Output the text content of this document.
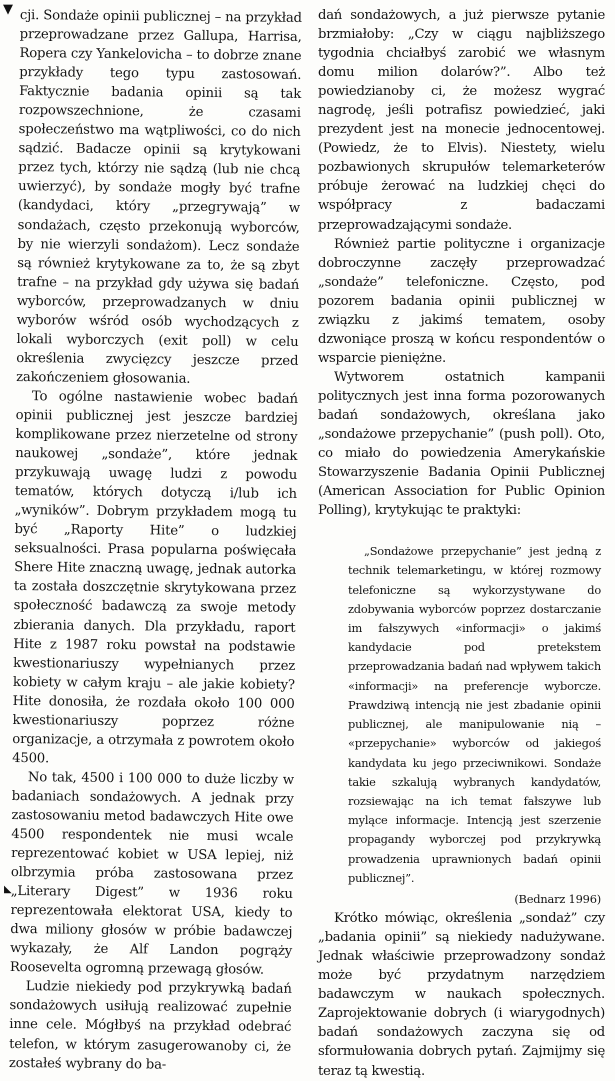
▼ cji. Sondaże opinii publicznej – na przykład przeprowadzane przez Gallupa, Harrisa, Ropera czy Yankelovicha – to dobrze znane przykłady tego typu zastosowań. Faktycznie badania opinii są tak rozpowszechnione, że czasami społeczeństwo ma wątpliwości, co do nich sądzić. Badacze opinii są krytykowani przez tych, którzy nie sądzą (lub nie chcą uwierzyć), by sondaże mogły być trafne (kandydaci, który „przegrywają” w sondażach, często przekonują wyborców, by nie wierzyli sondażom). Lecz sondaże są również krytykowane za to, że są zbyt trafne – na przykład gdy używa się badań wyborców, przeprowadzanych w dniu wyborów wśród osób wychodzących z lokali wyborczych (exit poll) w celu określenia zwycięzcy jeszcze przed zakończeniem głosowania.

To ogólne nastawienie wobec badań opinii publicznej jest jeszcze bardziej komplikowane przez nierzetelne od strony naukowej „sondaże”, które jednak przykuwają uwagę ludzi z powodu tematów, których dotyczą i/lub ich „wyników”. Dobrym przykładem mogą tu być „Raporty Hite” o ludzkiej seksualności. Prasa popularna poświęcała Shere Hite znaczną uwagę, jednak autorka ta została doszczętnie skrytykowana przez społeczność badawczą za swoje metody zbierania danych. Dla przykładu, raport Hite z 1987 roku powstał na podstawie kwestionariuszy wypełnianych przez kobiety w całym kraju – ale jakie kobiety? Hite donosiła, że rozdała około 100 000 kwestionariuszy poprzez różne organizacje, a otrzymała z powrotem około 4500.

No tak, 4500 i 100 000 to duże liczby w badaniach sondażowych. A jednak przy zastosowaniu metod badawczych Hite owe 4500 respondentek nie musi wcale reprezentować kobiet w USA lepiej, niż olbrzymia próba zastosowana przez „Literary Digest” w 1936 roku reprezentowała elektorat USA, kiedy to dwa miliony głosów w próbie badawczej wykazały, że Alf Landon pogrąży Roosevelta ogromną przewagą głosów.

Ludzie niekiedy pod przykrywką badań sondażowych usiłują realizować zupełnie inne cele. Mógłbyś na przykład odebrać telefon, w którym zasugerowanoby ci, że zostałeś wybrany do ba-

dań sondażowych, a już pierwsze pytanie brzmiałoby: „Czy w ciągu najbliższego tygodnia chciałbyś zarobić we własnym domu milion dolarów?”. Albo też powiedzianoby ci, że możesz wygrać nagrodę, jeśli potrafisz powiedzieć, jaki prezydent jest na monecie jednocentowej. (Powiedz, że to Elvis). Niestety, wielu pozbawionych skrupułów telemarketerów próbuje żerować na ludzkiej chęci do współpracy z badaczami przeprowadzającymi sondaże.

Również partie polityczne i organizacje dobroczynne zaczęły przeprowadzać „sondaże” telefoniczne. Często, pod pozorem badania opinii publicznej w związku z jakimś tematem, osoby dzwoniące proszą w końcu respondentów o wsparcie pieniężne.

Wytworem ostatnich kampanii politycznych jest inna forma pozorowanych badań sondażowych, określana jako „sondażowe przepychanie” (push poll). Oto, co miało do powiedzenia Amerykańskie Stowarzyszenie Badania Opinii Publicznej (American Association for Public Opinion Polling), krytykując te praktyki:

„Sondażowe przepychanie” jest jedną z technik telemarketingu, w której rozmowy telefoniczne są wykorzystywane do zdobywania wyborców poprzez dostarczanie im fałszywych «informacji» o jakimś kandydacie pod pretekstem przeprowadzania badań nad wpływem takich «informacji» na preferencje wyborcze. Prawdziwą intencją nie jest zbadanie opinii publicznej, ale manipulowanie nią – «przepychanie» wyborców od jakiegoś kandydata ku jego przeciwnikowi. Sondaże takie szkalują wybranych kandydatów, rozsiewając na ich temat fałszywe lub mylące informacje. Intencją jest szerzenie propagandy wyborczej pod przykrywką prowadzenia uprawnionych badań opinii publicznej”.

(Bednarz 1996)

Krótko mówiąc, określenia „sondaż” czy „badania opinii” są niekiedy nadużywane. Jednak właściwie przeprowadzony sondaż może być przydatnym narzędziem badawczym w naukach społecznych. Zaprojektowanie dobrych (i wiarygodnych) badań sondażowych zaczyna się od sformułowania dobrych pytań. Zajmijmy się teraz tą kwestią.

◣
